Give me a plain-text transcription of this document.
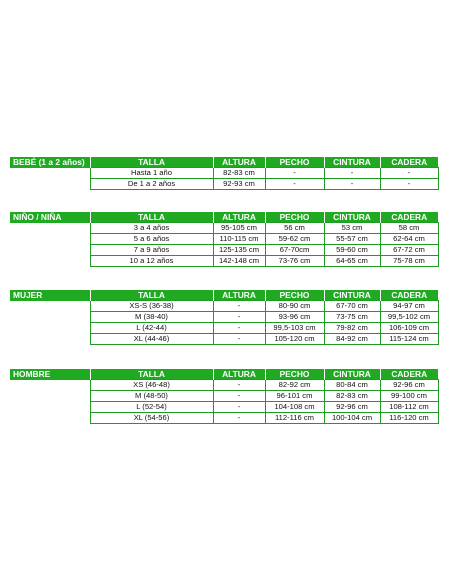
BEBÉ (1 a 2 años)	TALLA	ALTURA	PECHO	CINTURA	CADERA
	Hasta 1 año	82-83 cm	-	-	-
	De 1 a 2 años	92-93 cm	-	-	-
NIÑO / NIÑA	TALLA	ALTURA	PECHO	CINTURA	CADERA
	3 a 4 años	95-105 cm	56 cm	53 cm	58 cm
	5 a 6 años	110-115 cm	59-62 cm	55-57 cm	62-64 cm
	7 a 9 años	125-135 cm	67-70cm	59-60 cm	67-72 cm
	10 a 12 años	142-148 cm	73-76 cm	64-65 cm	75-78 cm
MUJER	TALLA	ALTURA	PECHO	CINTURA	CADERA
	XS-S (36-38)	-	80-90 cm	67-70 cm	94-97 cm
	M (38-40)	-	93-96 cm	73-75 cm	99,5-102 cm
	L (42-44)	-	99,5-103 cm	79-82 cm	106-109 cm
	XL (44-46)	-	105-120 cm	84-92 cm	115-124 cm
HOMBRE	TALLA	ALTURA	PECHO	CINTURA	CADERA
	XS (46-48)	-	82-92 cm	80-84 cm	92-96 cm
	M (48-50)	-	96-101 cm	82-83 cm	99-100 cm
	L (52-54)	-	104-108 cm	92-96 cm	108-112 cm
	XL (54-56)	-	112-116 cm	100-104 cm	116-120 cm
